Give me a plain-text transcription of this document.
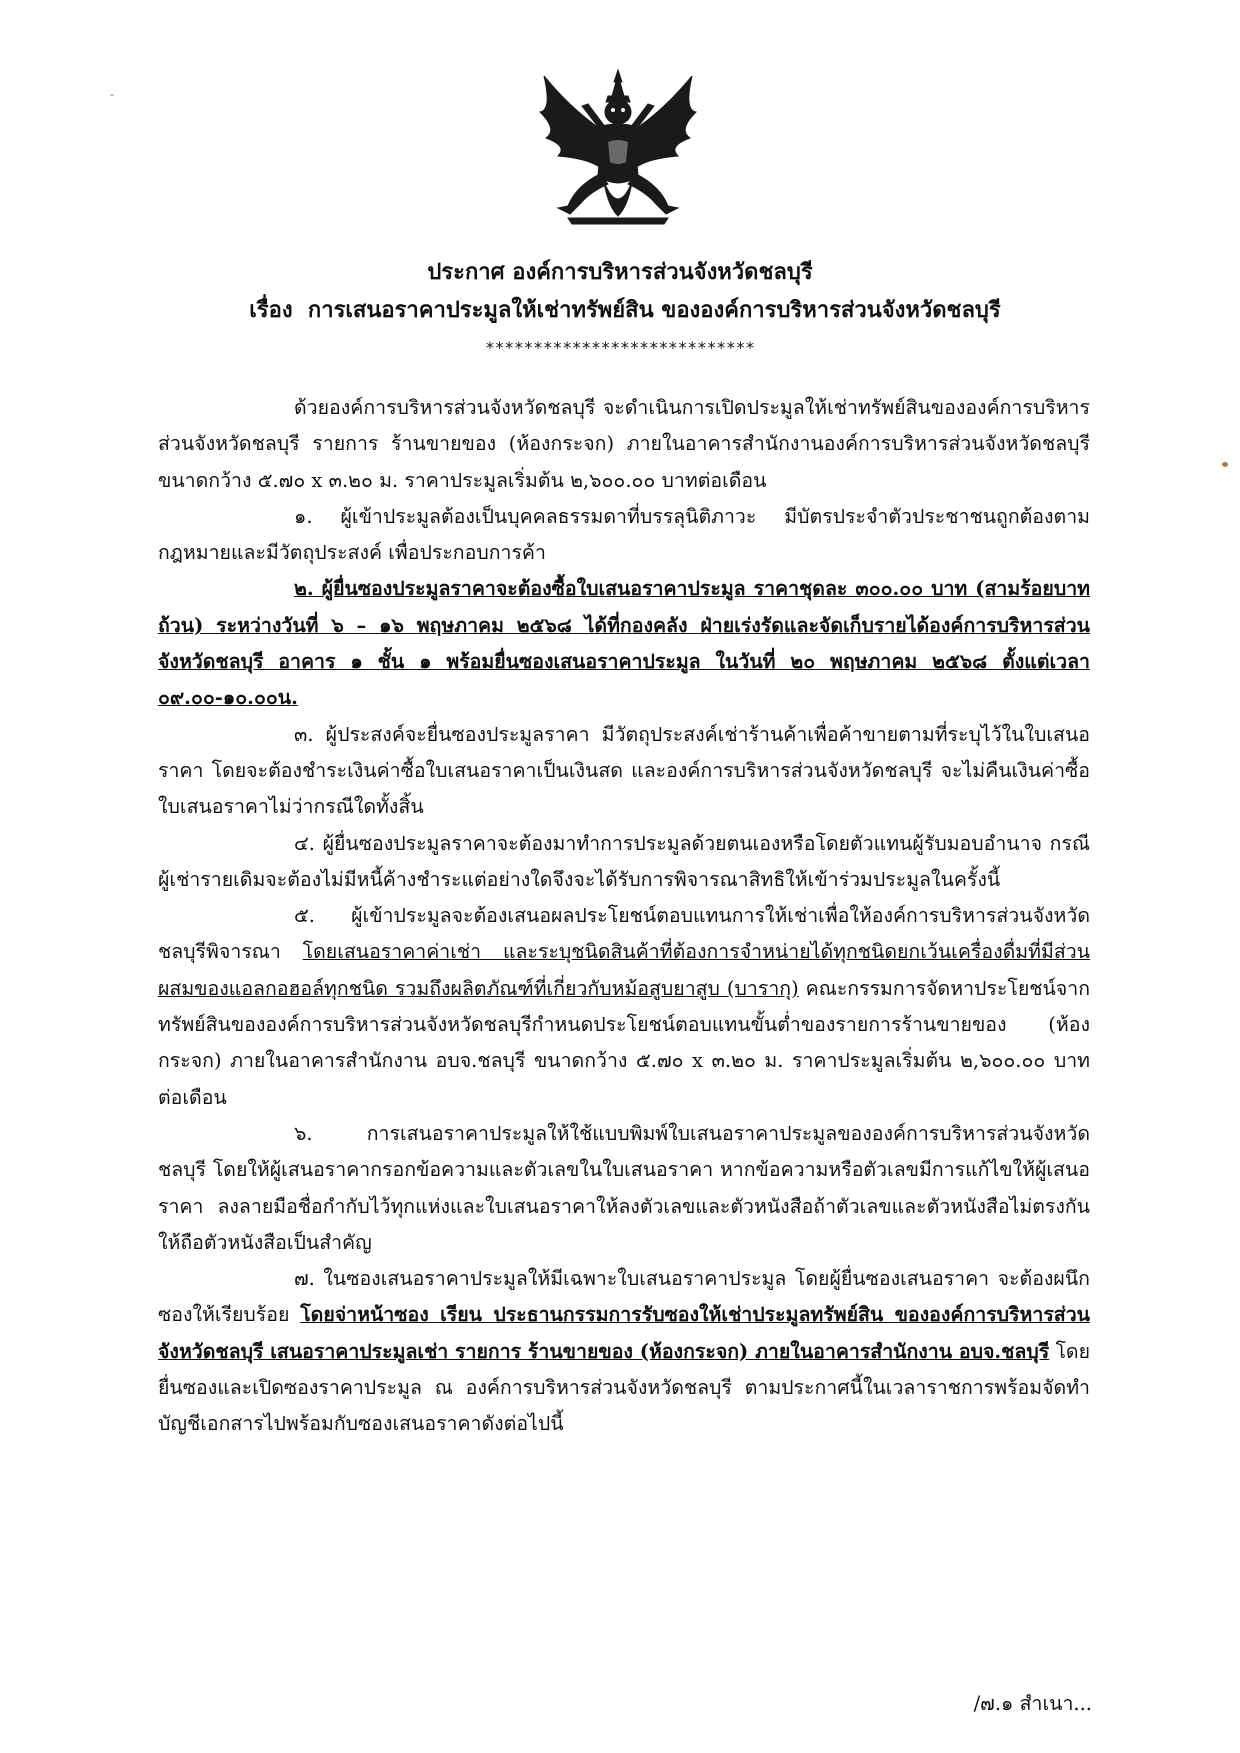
ประกาศ องค์การบริหารส่วนจังหวัดชลบุรี
เรื่อง การเสนอราคาประมูลให้เช่าทรัพย์สิน ขององค์การบริหารส่วนจังหวัดชลบุรี
****************************

ด้วยองค์การบริหารส่วนจังหวัดชลบุรี จะดำเนินการเปิดประมูลให้เช่าทรัพย์สินขององค์การบริหารส่วนจังหวัดชลบุรี รายการ ร้านขายของ (ห้องกระจก) ภายในอาคารสำนักงานองค์การบริหารส่วนจังหวัดชลบุรี ขนาดกว้าง ๕.๗๐ x ๓.๒๐ ม. ราคาประมูลเริ่มต้น ๒,๖๐๐.๐๐ บาทต่อเดือน

๑. ผู้เข้าประมูลต้องเป็นบุคคลธรรมดาที่บรรลุนิติภาวะ มีบัตรประจำตัวประชาชนถูกต้องตามกฎหมายและมีวัตถุประสงค์ เพื่อประกอบการค้า

๒. ผู้ยื่นซองประมูลราคาจะต้องซื้อใบเสนอราคาประมูล ราคาชุดละ ๓๐๐.๐๐ บาท (สามร้อยบาทถ้วน) ระหว่างวันที่ ๖ – ๑๖ พฤษภาคม ๒๕๖๘ ได้ที่กองคลัง ฝ่ายเร่งรัดและจัดเก็บรายได้องค์การบริหารส่วนจังหวัดชลบุรี อาคาร ๑ ชั้น ๑ พร้อมยื่นซองเสนอราคาประมูล ในวันที่ ๒๐ พฤษภาคม ๒๕๖๘ ตั้งแต่เวลา ๐๙.๐๐-๑๐.๐๐น.

๓. ผู้ประสงค์จะยื่นซองประมูลราคา มีวัตถุประสงค์เช่าร้านค้าเพื่อค้าขายตามที่ระบุไว้ในใบเสนอราคา โดยจะต้องชำระเงินค่าซื้อใบเสนอราคาเป็นเงินสด และองค์การบริหารส่วนจังหวัดชลบุรี จะไม่คืนเงินค่าซื้อใบเสนอราคาไม่ว่ากรณีใดทั้งสิ้น

๔. ผู้ยื่นซองประมูลราคาจะต้องมาทำการประมูลด้วยตนเองหรือโดยตัวแทนผู้รับมอบอำนาจ กรณีผู้เช่ารายเดิมจะต้องไม่มีหนี้ค้างชำระแต่อย่างใดจึงจะได้รับการพิจารณาสิทธิให้เข้าร่วมประมูลในครั้งนี้

๕. ผู้เข้าประมูลจะต้องเสนอผลประโยชน์ตอบแทนการให้เช่าเพื่อให้องค์การบริหารส่วนจังหวัดชลบุรีพิจารณา โดยเสนอราคาค่าเช่า และระบุชนิดสินค้าที่ต้องการจำหน่ายได้ทุกชนิดยกเว้นเครื่องดื่มที่มีส่วนผสมของแอลกอฮอล์ทุกชนิด รวมถึงผลิตภัณฑ์ที่เกี่ยวกับหม้อสูบยาสูบ (บารากุ) คณะกรรมการจัดหาประโยชน์จากทรัพย์สินขององค์การบริหารส่วนจังหวัดชลบุรีกำหนดประโยชน์ตอบแทนขั้นต่ำของรายการร้านขายของ (ห้องกระจก) ภายในอาคารสำนักงาน อบจ.ชลบุรี ขนาดกว้าง ๕.๗๐ x ๓.๒๐ ม. ราคาประมูลเริ่มต้น ๒,๖๐๐.๐๐ บาทต่อเดือน

๖. การเสนอราคาประมูลให้ใช้แบบพิมพ์ใบเสนอราคาประมูลขององค์การบริหารส่วนจังหวัดชลบุรี โดยให้ผู้เสนอราคากรอกข้อความและตัวเลขในใบเสนอราคา หากข้อความหรือตัวเลขมีการแก้ไขให้ผู้เสนอราคา ลงลายมือชื่อกำกับไว้ทุกแห่งและใบเสนอราคาให้ลงตัวเลขและตัวหนังสือถ้าตัวเลขและตัวหนังสือไม่ตรงกันให้ถือตัวหนังสือเป็นสำคัญ

๗. ในซองเสนอราคาประมูลให้มีเฉพาะใบเสนอราคาประมูล โดยผู้ยื่นซองเสนอราคา จะต้องผนึกซองให้เรียบร้อย โดยจ่าหน้าซอง เรียน ประธานกรรมการรับซองให้เช่าประมูลทรัพย์สิน ขององค์การบริหารส่วนจังหวัดชลบุรี เสนอราคาประมูลเช่า รายการ ร้านขายของ (ห้องกระจก) ภายในอาคารสำนักงาน อบจ.ชลบุรี โดยยื่นซองและเปิดซองราคาประมูล ณ องค์การบริหารส่วนจังหวัดชลบุรี ตามประกาศนี้ในเวลาราชการพร้อมจัดทำบัญชีเอกสารไปพร้อมกับซองเสนอราคาดังต่อไปนี้

/๗.๑ สำเนา...
